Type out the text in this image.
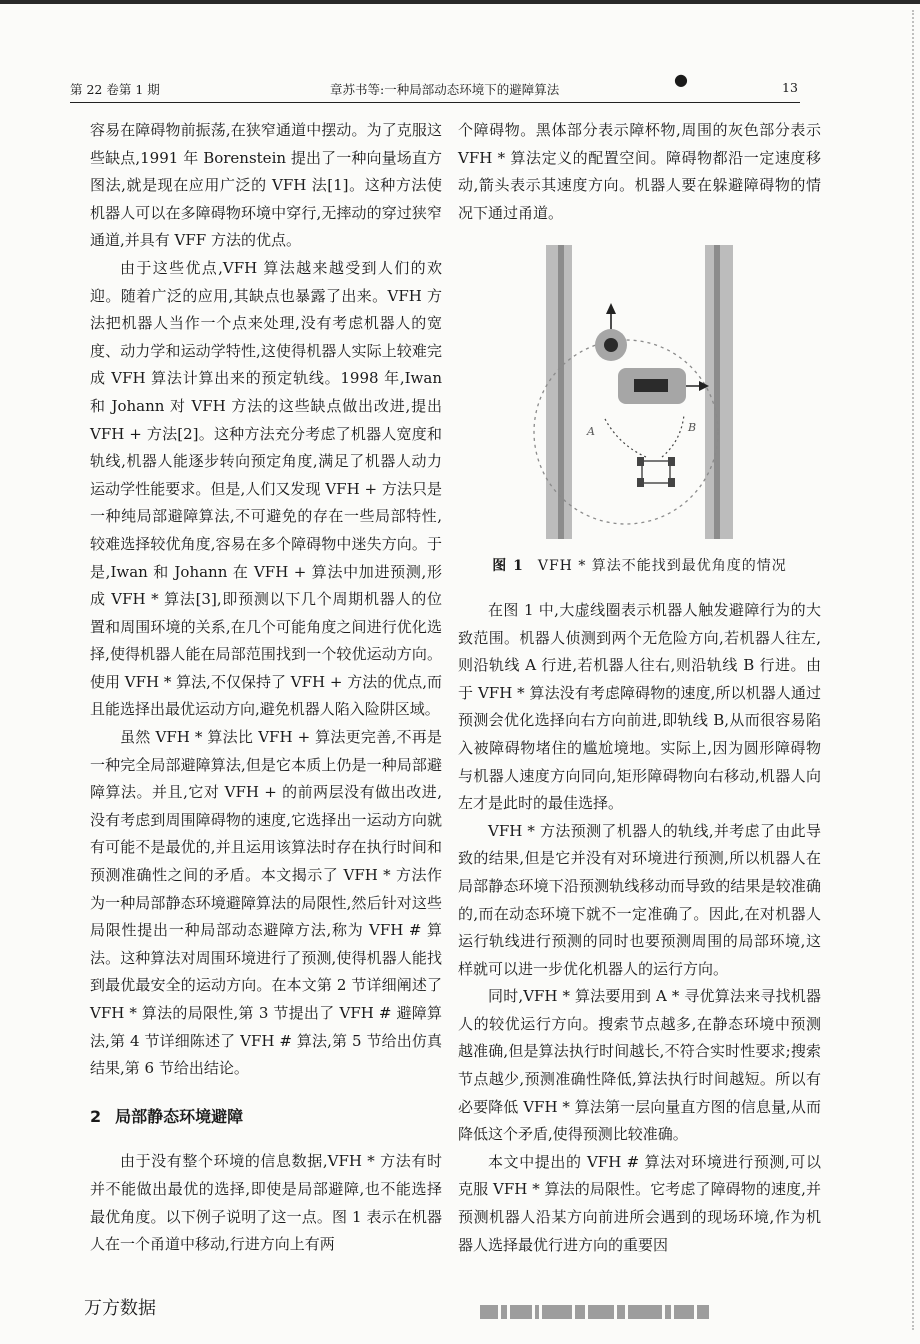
第 22 卷第 1 期	章苏书等:一种局部动态环境下的避障算法
●	13

容易在障碍物前振荡,在狭窄通道中摆动。为了克服这些缺点,1991 年 Borenstein 提出了一种向量场直方图法,就是现在应用广泛的 VFH 法[1]。这种方法使机器人可以在多障碍物环境中穿行,无摔动的穿过狭窄通道,并具有 VFF 方法的优点。

由于这些优点,VFH 算法越来越受到人们的欢迎。随着广泛的应用,其缺点也暴露了出来。VFH 方法把机器人当作一个点来处理,没有考虑机器人的宽度、动力学和运动学特性,这使得机器人实际上较难完成 VFH 算法计算出来的预定轨线。1998 年,Iwan 和 Johann 对 VFH 方法的这些缺点做出改进,提出 VFH + 方法[2]。这种方法充分考虑了机器人宽度和轨线,机器人能逐步转向预定角度,满足了机器人动力运动学性能要求。但是,人们又发现 VFH + 方法只是一种纯局部避障算法,不可避免的存在一些局部特性,较难选择较优角度,容易在多个障碍物中迷失方向。于是,Iwan 和 Johann 在 VFH + 算法中加进预测,形成 VFH * 算法[3],即预测以下几个周期机器人的位置和周围环境的关系,在几个可能角度之间进行优化选择,使得机器人能在局部范围找到一个较优运动方向。使用 VFH * 算法,不仅保持了 VFH + 方法的优点,而且能选择出最优运动方向,避免机器人陷入险阱区域。

虽然 VFH * 算法比 VFH + 算法更完善,不再是一种完全局部避障算法,但是它本质上仍是一种局部避障算法。并且,它对 VFH + 的前两层没有做出改进,没有考虑到周围障碍物的速度,它选择出一运动方向就有可能不是最优的,并且运用该算法时存在执行时间和预测准确性之间的矛盾。本文揭示了 VFH * 方法作为一种局部静态环境避障算法的局限性,然后针对这些局限性提出一种局部动态避障方法,称为 VFH # 算法。这种算法对周围环境进行了预测,使得机器人能找到最优最安全的运动方向。在本文第 2 节详细阐述了 VFH * 算法的局限性,第 3 节提出了 VFH # 避障算法,第 4 节详细陈述了 VFH # 算法,第 5 节给出仿真结果,第 6 节给出结论。

2 局部静态环境避障

由于没有整个环境的信息数据,VFH * 方法有时并不能做出最优的选择,即使是局部避障,也不能选择最优角度。以下例子说明了这一点。图 1 表示在机器人在一个甬道中移动,行进方向上有两

个障碍物。黑体部分表示障杯物,周围的灰色部分表示 VFH * 算法定义的配置空间。障碍物都沿一定速度移动,箭头表示其速度方向。机器人要在躲避障碍物的情况下通过甬道。

A	B

图 1 VFH * 算法不能找到最优角度的情况

在图 1 中,大虚线圈表示机器人触发避障行为的大致范围。机器人侦测到两个无危险方向,若机器人往左,则沿轨线 A 行进,若机器人往右,则沿轨线 B 行进。由于 VFH * 算法没有考虑障碍物的速度,所以机器人通过预测会优化选择向右方向前进,即轨线 B,从而很容易陷入被障碍物堵住的尴尬境地。实际上,因为圆形障碍物与机器人速度方向同向,矩形障碍物向右移动,机器人向左才是此时的最佳选择。

VFH * 方法预测了机器人的轨线,并考虑了由此导致的结果,但是它并没有对环境进行预测,所以机器人在局部静态环境下沿预测轨线移动而导致的结果是较准确的,而在动态环境下就不一定准确了。因此,在对机器人运行轨线进行预测的同时也要预测周围的局部环境,这样就可以进一步优化机器人的运行方向。

同时,VFH * 算法要用到 A * 寻优算法来寻找机器人的较优运行方向。搜索节点越多,在静态环境中预测越准确,但是算法执行时间越长,不符合实时性要求;搜索节点越少,预测准确性降低,算法执行时间越短。所以有必要降低 VFH * 算法第一层向量直方图的信息量,从而降低这个矛盾,使得预测比较准确。

本文中提出的 VFH # 算法对环境进行预测,可以克服 VFH * 算法的局限性。它考虑了障碍物的速度,并预测机器人沿某方向前进所会遇到的现场环境,作为机器人选择最优行进方向的重要因

万方数据
